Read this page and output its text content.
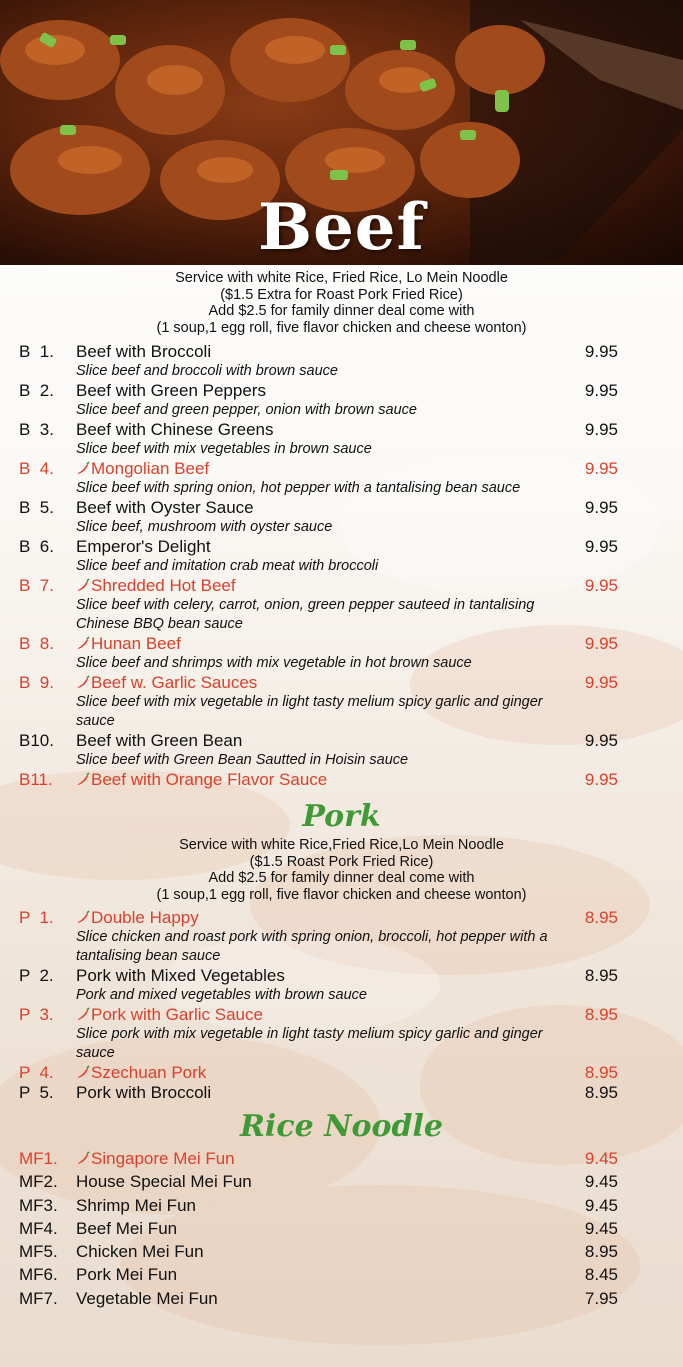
Beef
Service with white Rice, Fried Rice, Lo Mein Noodle
($1.5 Extra for Roast Pork Fried Rice)
Add $2.5 for family dinner deal come with
(1 soup,1 egg roll, five flavor chicken and cheese wonton)
B  1. Beef with Broccoli	9.95
Slice beef and broccoli with brown sauce
B  2. Beef with Green Peppers	9.95
Slice beef and green pepper, onion with brown sauce
B  3. Beef with Chinese Greens	9.95
Slice beef with mix vegetables in brown sauce
B  4.	Mongolian Beef	9.95
Slice beef with spring onion, hot pepper with a tantalising bean sauce
B  5. Beef with Oyster Sauce	9.95
Slice beef, mushroom with oyster sauce
B  6. Emperor's Delight	9.95
Slice beef and imitation crab meat with broccoli
B  7.	Shredded Hot Beef	9.95
Slice beef with celery, carrot, onion, green pepper sauteed in tantalising Chinese BBQ bean sauce
B  8.	Hunan Beef	9.95
Slice beef and shrimps with mix vegetable in hot brown sauce
B  9.	Beef w. Garlic Sauces	9.95
Slice beef with mix vegetable in light tasty melium spicy garlic and ginger sauce
B10. Beef with Green Bean	9.95
Slice beef with Green Bean Sautted in Hoisin sauce
B11.	Beef with Orange Flavor Sauce	9.95
Pork
Service with white Rice,Fried Rice,Lo Mein Noodle
($1.5 Roast Pork Fried Rice)
Add $2.5 for family dinner deal come with
(1 soup,1 egg roll, five flavor chicken and cheese wonton)
P  1.	Double Happy	8.95
Slice chicken and roast pork with spring onion, broccoli, hot pepper with a tantalising bean sauce
P  2. Pork with Mixed Vegetables	8.95
Pork and mixed vegetables with brown sauce
P  3.	Pork with Garlic Sauce	8.95
Slice pork with mix vegetable in light tasty melium spicy garlic and ginger sauce
P  4.	Szechuan Pork	8.95
P  5. Pork with Broccoli	8.95
Rice Noodle
MF1.	Singapore Mei Fun	9.45
MF2. House Special Mei Fun	9.45
MF3. Shrimp Mei Fun	9.45
MF4. Beef Mei Fun	9.45
MF5. Chicken Mei Fun	8.95
MF6. Pork Mei Fun	8.45
MF7. Vegetable Mei Fun	7.95
